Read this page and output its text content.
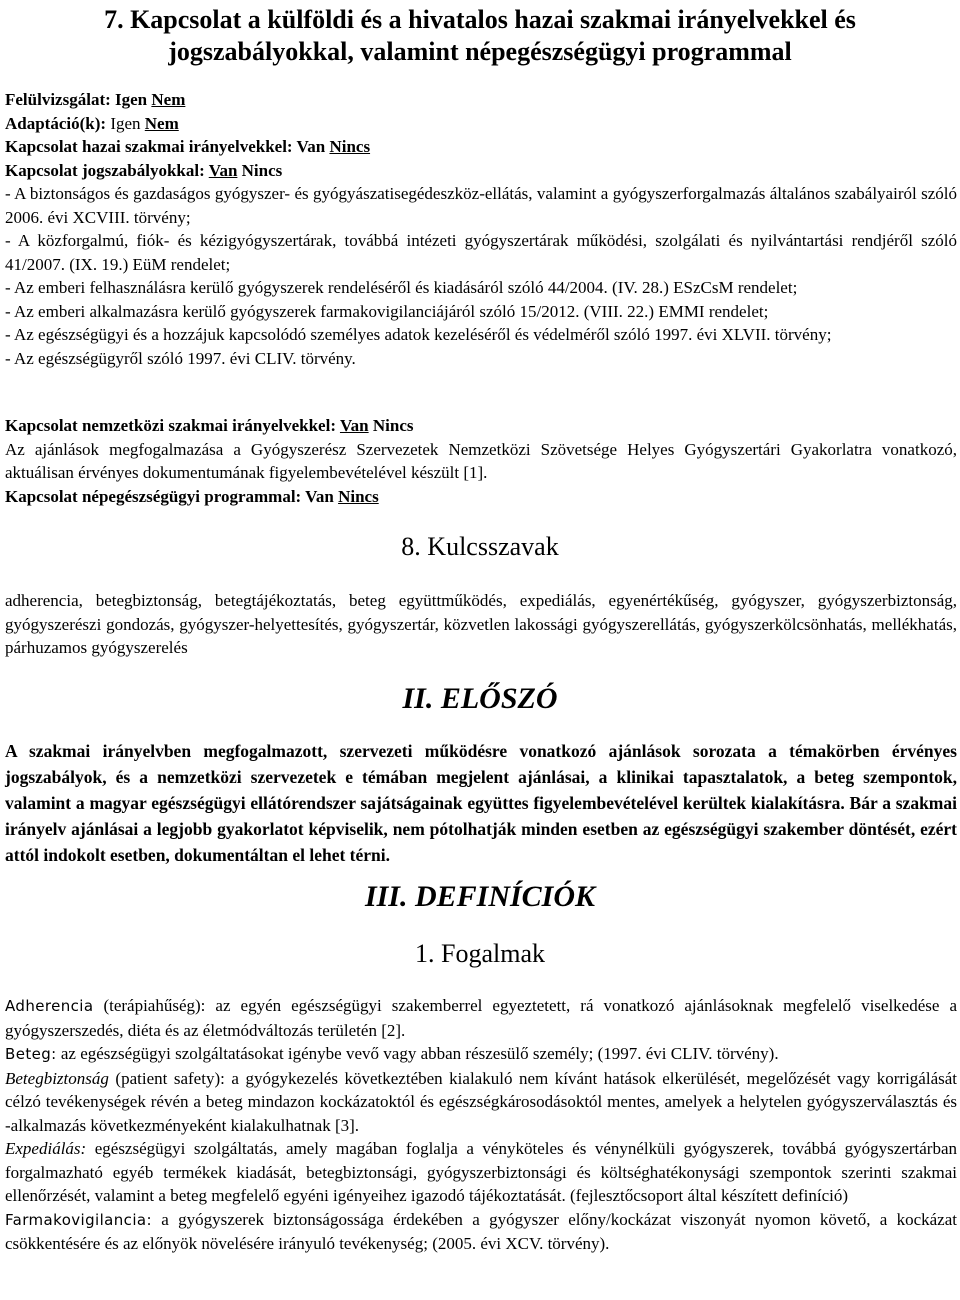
7. Kapcsolat a külföldi és a hivatalos hazai szakmai irányelvekkel és
jogszabályokkal, valamint népegészségügyi programmal
Felülvizsgálat: Igen Nem
Adaptáció(k): Igen Nem
Kapcsolat hazai szakmai irányelvekkel: Van Nincs
Kapcsolat jogszabályokkal: Van Nincs
- A biztonságos és gazdaságos gyógyszer- és gyógyászatisegédeszköz-ellátás, valamint a gyógyszerforgalmazás általános szabályairól szóló 2006. évi XCVIII. törvény;
- A közforgalmú, fiók- és kézigyógyszertárak, továbbá intézeti gyógyszertárak működési, szolgálati és nyilvántartási rendjéről szóló 41/2007. (IX. 19.) EüM rendelet;
- Az emberi felhasználásra kerülő gyógyszerek rendeléséről és kiadásáról szóló 44/2004. (IV. 28.) ESzCsM rendelet;
- Az emberi alkalmazásra kerülő gyógyszerek farmakovigilanciájáról szóló 15/2012. (VIII. 22.) EMMI rendelet;
- Az egészségügyi és a hozzájuk kapcsolódó személyes adatok kezeléséről és védelméről szóló 1997. évi XLVII. törvény;
- Az egészségügyről szóló 1997. évi CLIV. törvény.
Kapcsolat nemzetközi szakmai irányelvekkel: Van Nincs
Az ajánlások megfogalmazása a Gyógyszerész Szervezetek Nemzetközi Szövetsége Helyes Gyógyszertári Gyakorlatra vonatkozó, aktuálisan érvényes dokumentumának figyelembevételével készült [1].
Kapcsolat népegészségügyi programmal: Van Nincs
8. Kulcsszavak
adherencia, betegbiztonság, betegtájékoztatás, beteg együttműködés, expediálás, egyenértékűség, gyógyszer, gyógyszerbiztonság, gyógyszerészi gondozás, gyógyszer-helyettesítés, gyógyszertár, közvetlen lakossági gyógyszerellátás, gyógyszerkölcsönhatás, mellékhatás, párhuzamos gyógyszerelés
II. ELŐSZÓ
A szakmai irányelvben megfogalmazott, szervezeti működésre vonatkozó ajánlások sorozata a témakörben érvényes jogszabályok, és a nemzetközi szervezetek e témában megjelent ajánlásai, a klinikai tapasztalatok, a beteg szempontok, valamint a magyar egészségügyi ellátórendszer sajátságainak együttes figyelembevételével kerültek kialakításra. Bár a szakmai irányelv ajánlásai a legjobb gyakorlatot képviselik, nem pótolhatják minden esetben az egészségügyi szakember döntését, ezért attól indokolt esetben, dokumentáltan el lehet térni.
III. DEFINÍCIÓK
1. Fogalmak
Adherencia (terápiahűség): az egyén egészségügyi szakemberrel egyeztetett, rá vonatkozó ajánlásoknak megfelelő viselkedése a gyógyszerszedés, diéta és az életmódváltozás területén [2].
Beteg: az egészségügyi szolgáltatásokat igénybe vevő vagy abban részesülő személy; (1997. évi CLIV. törvény).
Betegbiztonság (patient safety): a gyógykezelés következtében kialakuló nem kívánt hatások elkerülését, megelőzését vagy korrigálását célzó tevékenységek révén a beteg mindazon kockázatoktól és egészségkárosodásoktól mentes, amelyek a helytelen gyógyszerválasztás és -alkalmazás következményeként kialakulhatnak [3].
Expediálás: egészségügyi szolgáltatás, amely magában foglalja a vényköteles és vénynélküli gyógyszerek, továbbá gyógyszertárban forgalmazható egyéb termékek kiadását, betegbiztonsági, gyógyszerbiztonsági és költséghatékonysági szempontok szerinti szakmai ellenőrzését, valamint a beteg megfelelő egyéni igényeihez igazodó tájékoztatását. (fejlesztőcsoport által készített definíció)
Farmakovigilancia: a gyógyszerek biztonságossága érdekében a gyógyszer előny/kockázat viszonyát nyomon követő, a kockázat csökkentésére és az előnyök növelésére irányuló tevékenység; (2005. évi XCV. törvény).
